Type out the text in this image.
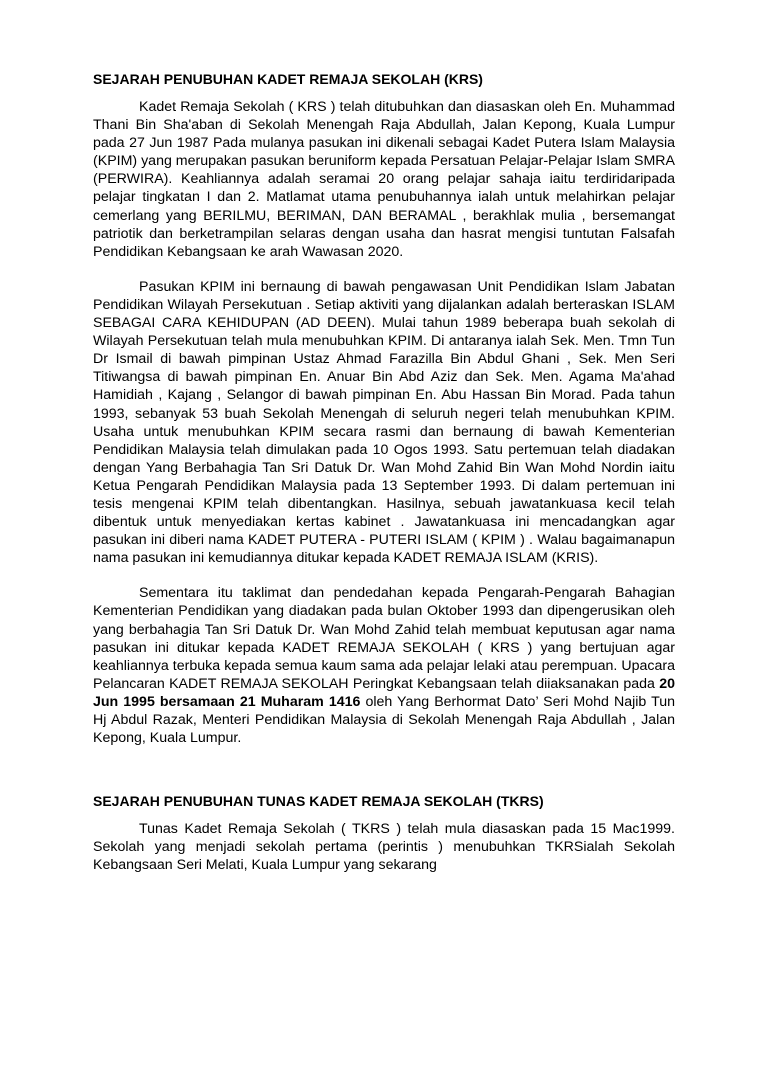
SEJARAH PENUBUHAN KADET REMAJA SEKOLAH (KRS)

Kadet Remaja Sekolah ( KRS ) telah ditubuhkan dan diasaskan oleh En. Muhammad Thani Bin Sha'aban di Sekolah Menengah Raja Abdullah, Jalan Kepong, Kuala Lumpur pada 27 Jun 1987 Pada mulanya pasukan ini dikenali sebagai Kadet Putera Islam Malaysia (KPIM) yang merupakan pasukan beruniform kepada Persatuan Pelajar-Pelajar Islam SMRA (PERWIRA). Keahliannya adalah seramai 20 orang pelajar sahaja iaitu terdiridaripada pelajar tingkatan I dan 2. Matlamat utama penubuhannya ialah untuk melahirkan pelajar cemerlang yang BERILMU, BERIMAN, DAN BERAMAL , berakhlak mulia , bersemangat patriotik dan berketrampilan selaras dengan usaha dan hasrat mengisi tuntutan Falsafah Pendidikan Kebangsaan ke arah Wawasan 2020.

Pasukan KPIM ini bernaung di bawah pengawasan Unit Pendidikan Islam Jabatan Pendidikan Wilayah Persekutuan . Setiap aktiviti yang dijalankan adalah berteraskan ISLAM SEBAGAI CARA KEHIDUPAN (AD DEEN). Mulai tahun 1989 beberapa buah sekolah di Wilayah Persekutuan telah mula menubuhkan KPIM. Di antaranya ialah Sek. Men. Tmn Tun Dr Ismail di bawah pimpinan Ustaz Ahmad Farazilla Bin Abdul Ghani , Sek. Men Seri Titiwangsa di bawah pimpinan En. Anuar Bin Abd Aziz dan Sek. Men. Agama Ma'ahad Hamidiah , Kajang , Selangor di bawah pimpinan En. Abu Hassan Bin Morad. Pada tahun 1993, sebanyak 53 buah Sekolah Menengah di seluruh negeri telah menubuhkan KPIM. Usaha untuk menubuhkan KPIM secara rasmi dan bernaung di bawah Kementerian Pendidikan Malaysia telah dimulakan pada 10 Ogos 1993. Satu pertemuan telah diadakan dengan Yang Berbahagia Tan Sri Datuk Dr. Wan Mohd Zahid Bin Wan Mohd Nordin iaitu Ketua Pengarah Pendidikan Malaysia pada 13 September 1993. Di dalam pertemuan ini tesis mengenai KPIM telah dibentangkan. Hasilnya, sebuah jawatankuasa kecil telah dibentuk untuk menyediakan kertas kabinet . Jawatankuasa ini mencadangkan agar pasukan ini diberi nama KADET PUTERA - PUTERI ISLAM ( KPIM ) . Walau bagaimanapun nama pasukan ini kemudiannya ditukar kepada KADET REMAJA ISLAM (KRIS).

Sementara itu taklimat dan pendedahan kepada Pengarah-Pengarah Bahagian Kementerian Pendidikan yang diadakan pada bulan Oktober 1993 dan dipengerusikan oleh yang berbahagia Tan Sri Datuk Dr. Wan Mohd Zahid telah membuat keputusan agar nama pasukan ini ditukar kepada KADET REMAJA SEKOLAH ( KRS ) yang bertujuan agar keahliannya terbuka kepada semua kaum sama ada pelajar lelaki atau perempuan. Upacara Pelancaran KADET REMAJA SEKOLAH Peringkat Kebangsaan telah diiaksanakan pada 20 Jun 1995 bersamaan 21 Muharam 1416 oleh Yang Berhormat Dato’ Seri Mohd Najib Tun Hj Abdul Razak, Menteri Pendidikan Malaysia di Sekolah Menengah Raja Abdullah , Jalan Kepong, Kuala Lumpur.

SEJARAH PENUBUHAN TUNAS KADET REMAJA SEKOLAH (TKRS)

Tunas Kadet Remaja Sekolah ( TKRS ) telah mula diasaskan pada 15 Mac1999. Sekolah yang menjadi sekolah pertama (perintis ) menubuhkan TKRSialah Sekolah Kebangsaan Seri Melati, Kuala Lumpur yang sekarang
